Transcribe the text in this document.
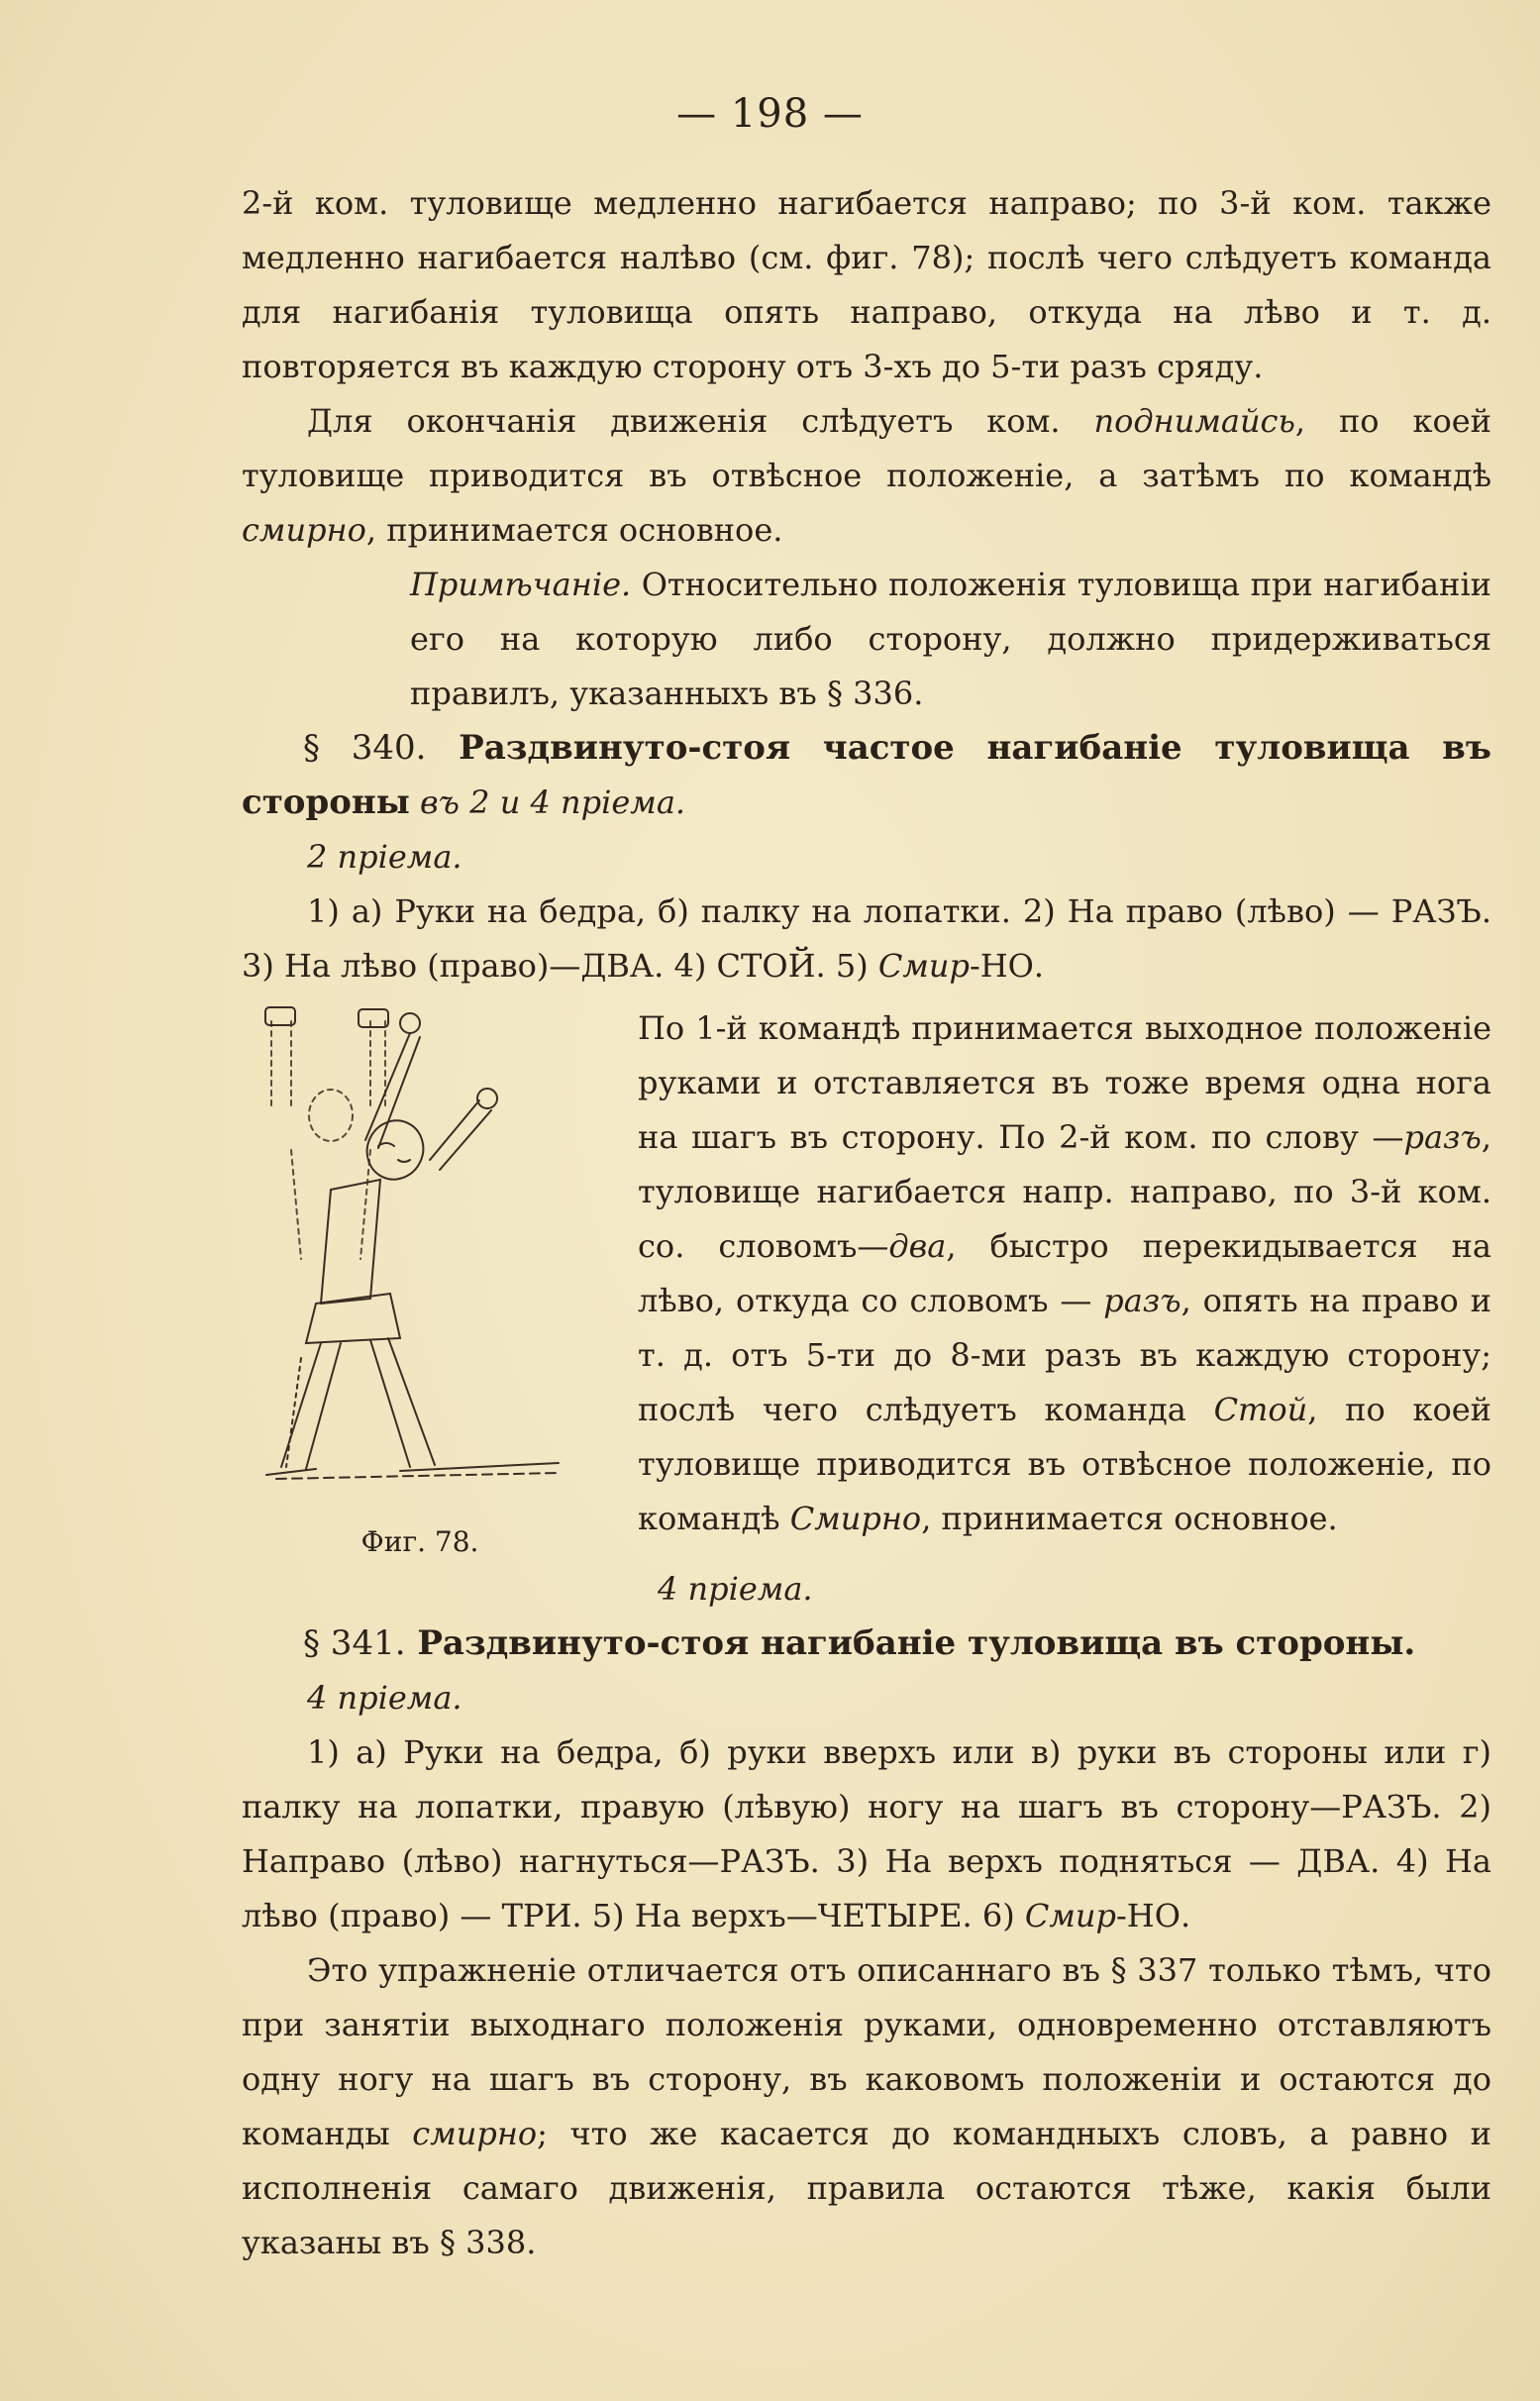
— 198 —

2-й ком. туловище медленно нагибается направо; по 3-й ком. также медленно нагибается налѣво (см. фиг. 78); послѣ чего слѣдуетъ команда для нагибанія туловища опять направо, откуда на лѣво и т. д. повторяется въ каждую сторону отъ 3-хъ до 5-ти разъ сряду.

Для окончанія движенія слѣдуетъ ком. поднимайсь, по коей туловище приводится въ отвѣсное положеніе, а затѣмъ по командѣ смирно, принимается основное.

Примѣчаніе. Относительно положенія туловища при нагибаніи его на которую либо сторону, должно придерживаться правилъ, указанныхъ въ § 336.

§ 340. Раздвинуто-стоя частое нагибаніе туловища въ стороны въ 2 и 4 пріема.

2 пріема.

1) а) Руки на бедра, б) палку на лопатки. 2) На право (лѣво) — РАЗЪ. 3) На лѣво (право)—ДВА. 4) СТОЙ. 5) Смир-НО.

Фиг. 78.

По 1-й командѣ принимается выходное положеніе руками и отставляется въ тоже время одна нога на шагъ въ сторону. По 2-й ком. по слову —разъ, туловище нагибается напр. направо, по 3-й ком. со. словомъ—два, быстро перекидывается на лѣво, откуда со словомъ — разъ, опять на право и т. д. отъ 5-ти до 8-ми разъ въ каждую сторону; послѣ чего слѣдуетъ команда Стой, по коей туловище приводится въ отвѣсное положеніе, по командѣ Смирно, принимается основное.

4 пріема.

§ 341. Раздвинуто-стоя нагибаніе туловища въ стороны.

4 пріема.

1) а) Руки на бедра, б) руки вверхъ или в) руки въ стороны или г) палку на лопатки, правую (лѣвую) ногу на шагъ въ сторону—РАЗЪ. 2) Направо (лѣво) нагнуться—РАЗЪ. 3) На верхъ подняться — ДВА. 4) На лѣво (право) — ТРИ. 5) На верхъ—ЧЕТЫРЕ. 6) Смир-НО.

Это упражненіе отличается отъ описаннаго въ § 337 только тѣмъ, что при занятіи выходнаго положенія руками, одновременно отставляютъ одну ногу на шагъ въ сторону, въ каковомъ положеніи и остаются до команды смирно; что же касается до командныхъ словъ, а равно и исполненія самаго движенія, правила остаются тѣже, какія были указаны въ § 338.
